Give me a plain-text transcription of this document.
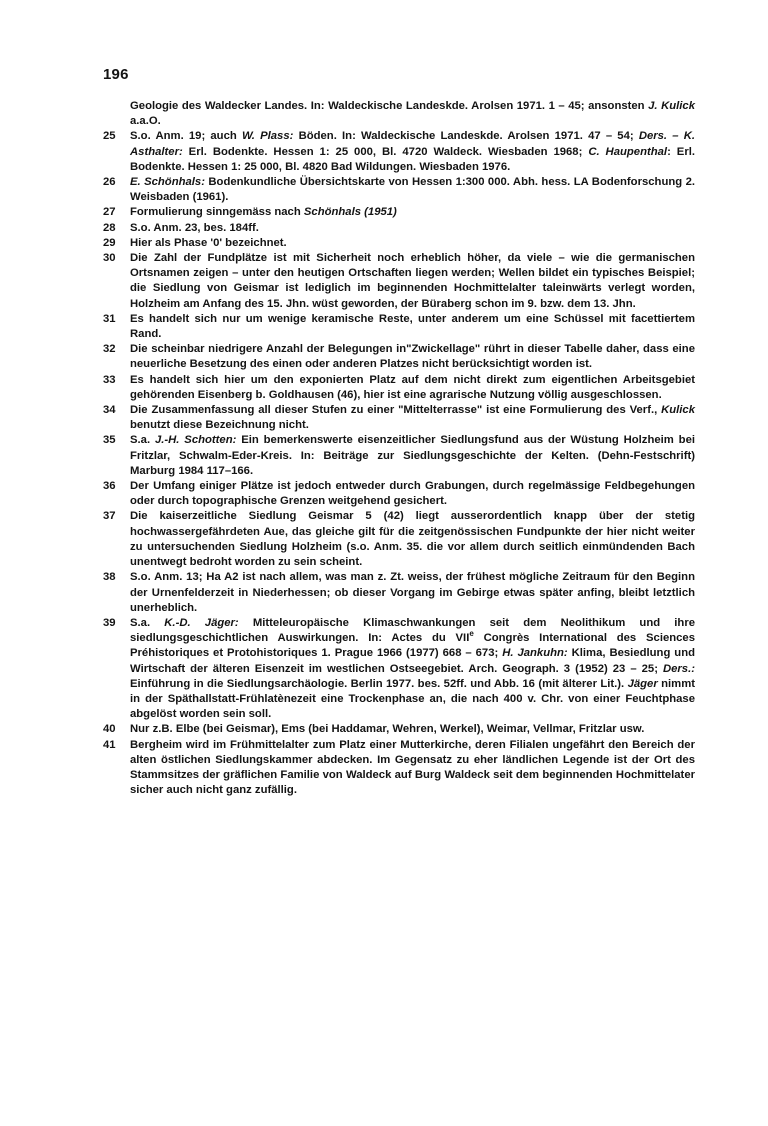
196
Geologie des Waldecker Landes. In: Waldeckische Landeskde. Arolsen 1971. 1 – 45; ansonsten J. Kulick a.a.O.
25	S.o. Anm. 19; auch W. Plass: Böden. In: Waldeckische Landeskde. Arolsen 1971. 47 – 54; Ders. – K. Asthalter: Erl. Bodenkte. Hessen 1: 25 000, Bl. 4720 Waldeck. Wiesbaden 1968; C. Haupenthal: Erl. Bodenkte. Hessen 1: 25 000, Bl. 4820 Bad Wildungen. Wiesbaden 1976.
26	E. Schönhals: Bodenkundliche Übersichtskarte von Hessen 1:300 000. Abh. hess. LA Bodenforschung 2. Weisbaden (1961).
27	Formulierung sinngemäss nach Schönhals (1951)
28	S.o. Anm. 23, bes. 184ff.
29	Hier als Phase '0' bezeichnet.
30	Die Zahl der Fundplätze ist mit Sicherheit noch erheblich höher, da viele – wie die germanischen Ortsnamen zeigen – unter den heutigen Ortschaften liegen werden; Wellen bildet ein typisches Beispiel; die Siedlung von Geismar ist lediglich im beginnenden Hochmittelalter taleinwärts verlegt worden, Holzheim am Anfang des 15. Jhn. wüst geworden, der Büraberg schon im 9. bzw. dem 13. Jhn.
31	Es handelt sich nur um wenige keramische Reste, unter anderem um eine Schüssel mit facettiertem Rand.
32	Die scheinbar niedrigere Anzahl der Belegungen in"Zwickellage" rührt in dieser Tabelle daher, dass eine neuerliche Besetzung des einen oder anderen Platzes nicht berücksichtigt worden ist.
33	Es handelt sich hier um den exponierten Platz auf dem nicht direkt zum eigentlichen Arbeitsgebiet gehörenden Eisenberg b. Goldhausen (46), hier ist eine agrarische Nutzung völlig ausgeschlossen.
34	Die Zusammenfassung all dieser Stufen zu einer "Mittelterrasse" ist eine Formulierung des Verf., Kulick benutzt diese Bezeichnung nicht.
35	S.a. J.-H. Schotten: Ein bemerkenswerte eisenzeitlicher Siedlungsfund aus der Wüstung Holzheim bei Fritzlar, Schwalm-Eder-Kreis. In: Beiträge zur Siedlungsgeschichte der Kelten. (Dehn-Festschrift) Marburg 1984 117–166.
36	Der Umfang einiger Plätze ist jedoch entweder durch Grabungen, durch regelmässige Feldbegehungen oder durch topographische Grenzen weitgehend gesichert.
37	Die kaiserzeitliche Siedlung Geismar 5 (42) liegt ausserordentlich knapp über der stetig hochwassergefährdeten Aue, das gleiche gilt für die zeitgenössischen Fundpunkte der hier nicht weiter zu untersuchenden Siedlung Holzheim (s.o. Anm. 35. die vor allem durch seitlich einmündenden Bach unentwegt bedroht worden zu sein scheint.
38	S.o. Anm. 13; Ha A2 ist nach allem, was man z. Zt. weiss, der frühest mögliche Zeitraum für den Beginn der Urnenfelderzeit in Niederhessen; ob dieser Vorgang im Gebirge etwas später anfing, bleibt letztlich unerheblich.
39	S.a. K.-D. Jäger: Mitteleuropäische Klimaschwankungen seit dem Neolithikum und ihre siedlungsgeschichtlichen Auswirkungen. In: Actes du VIIe Congrès International des Sciences Préhistoriques et Protohistoriques 1. Prague 1966 (1977) 668 – 673; H. Jankuhn: Klima, Besiedlung und Wirtschaft der älteren Eisenzeit im westlichen Ostseegebiet. Arch. Geograph. 3 (1952) 23 – 25; Ders.: Einführung in die Siedlungsarchäologie. Berlin 1977. bes. 52ff. und Abb. 16 (mit älterer Lit.). Jäger nimmt in der Späthallstatt-Frühlatènezeit eine Trockenphase an, die nach 400 v. Chr. von einer Feuchtphase abgelöst worden sein soll.
40	Nur z.B. Elbe (bei Geismar), Ems (bei Haddamar, Wehren, Werkel), Weimar, Vellmar, Fritzlar usw.
41	Bergheim wird im Frühmittelalter zum Platz einer Mutterkirche, deren Filialen ungefährt den Bereich der alten östlichen Siedlungskammer abdecken. Im Gegensatz zu eher ländlichen Legende ist der Ort des Stammsitzes der gräflichen Familie von Waldeck auf Burg Waldeck seit dem beginnenden Hochmittelater sicher auch nicht ganz zufällig.
